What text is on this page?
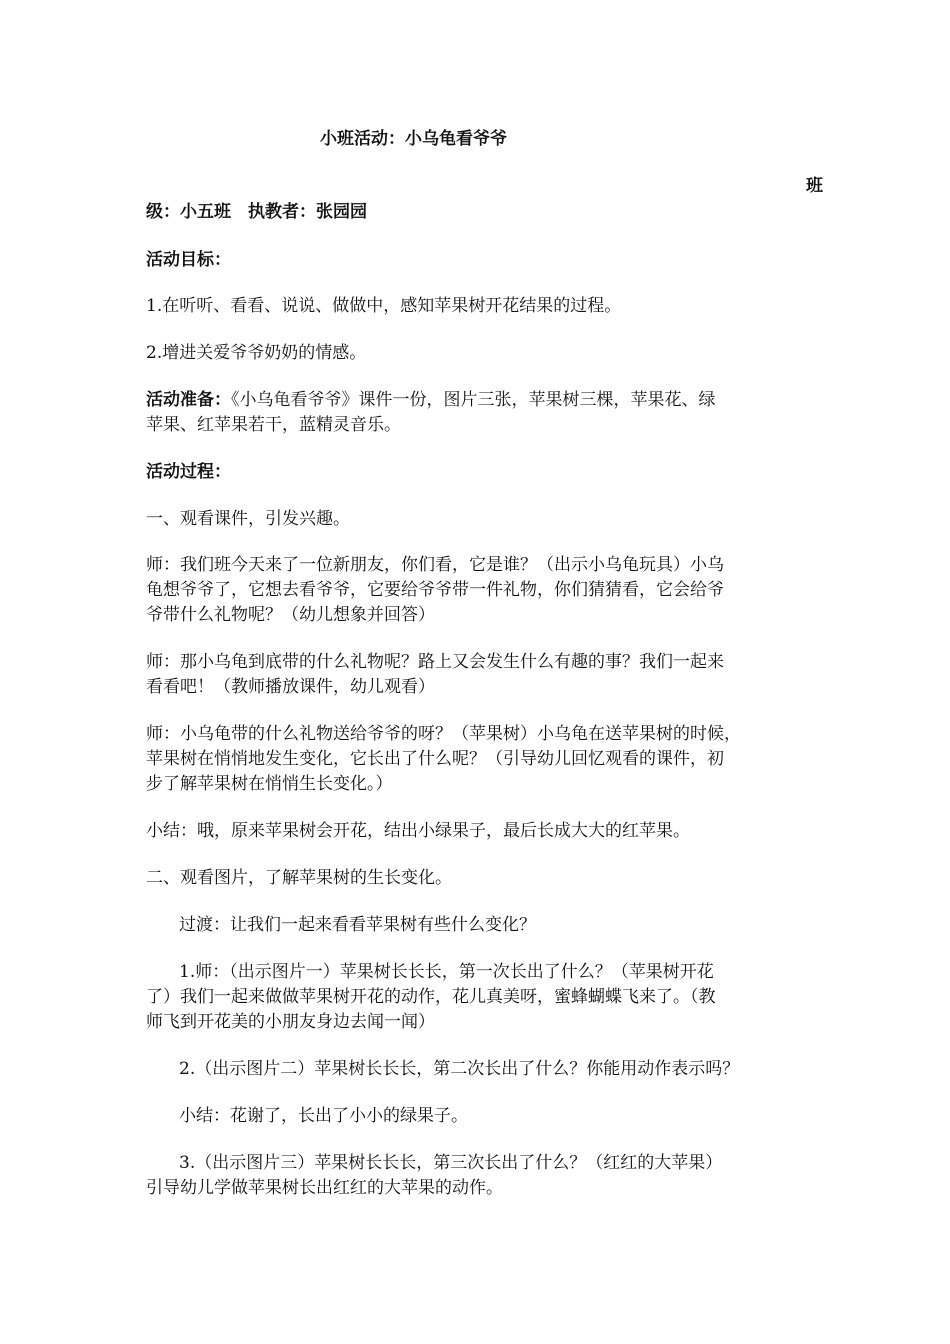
小班活动：小乌龟看爷爷
班
级：小五班　执教者：张园园
活动目标：
1.在听听、看看、说说、做做中，感知苹果树开花结果的过程。
2.增进关爱爷爷奶奶的情感。
活动准备：《小乌龟看爷爷》课件一份，图片三张，苹果树三棵，苹果花、绿
苹果、红苹果若干，蓝精灵音乐。
活动过程：
一、观看课件，引发兴趣。
师：我们班今天来了一位新朋友，你们看，它是谁？（出示小乌龟玩具）小乌
龟想爷爷了，它想去看爷爷，它要给爷爷带一件礼物，你们猜猜看，它会给爷
爷带什么礼物呢？（幼儿想象并回答）
师：那小乌龟到底带的什么礼物呢？路上又会发生什么有趣的事？我们一起来
看看吧！（教师播放课件，幼儿观看）
师：小乌龟带的什么礼物送给爷爷的呀？（苹果树）小乌龟在送苹果树的时候，
苹果树在悄悄地发生变化，它长出了什么呢？（引导幼儿回忆观看的课件，初
步了解苹果树在悄悄生长变化。）
小结：哦，原来苹果树会开花，结出小绿果子，最后长成大大的红苹果。
二、观看图片，了解苹果树的生长变化。
过渡：让我们一起来看看苹果树有些什么变化？
1.师：（出示图片一）苹果树长长长，第一次长出了什么？（苹果树开花
了）我们一起来做做苹果树开花的动作，花儿真美呀，蜜蜂蝴蝶飞来了。（教
师飞到开花美的小朋友身边去闻一闻）
2.（出示图片二）苹果树长长长，第二次长出了什么？你能用动作表示吗？
小结：花谢了，长出了小小的绿果子。
3.（出示图片三）苹果树长长长，第三次长出了什么？（红红的大苹果）
引导幼儿学做苹果树长出红红的大苹果的动作。
